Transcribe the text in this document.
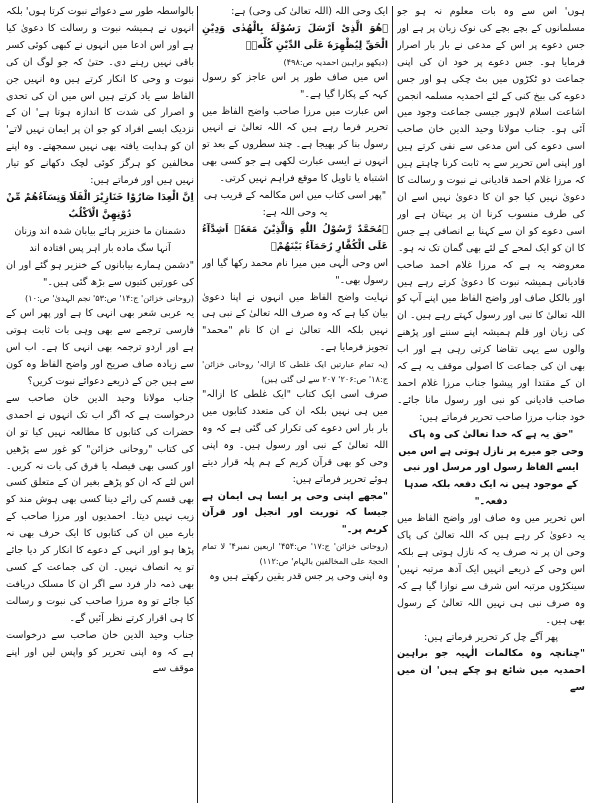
ہوں' اس سے وہ بات معلوم نہ ہو جو مسلمانوں کے بچے بچے کی نوک زبان پر ہے اور جس دعوے پر اس کے مدعی نے بار بار اصرار فرمایا ہو۔ جس دعوے پر خود ان کی اپنی جماعت دو ٹکڑوں میں بٹ چکی ہو اور جس دعوے کی بیخ کنی کے لئے احمدیہ مسلمہ انجمن اشاعت اسلام لاہور جیسی جماعت وجود میں آئی ہو۔ جناب مولانا وحید الدین خان صاحب اسی دعوے کی اس مدعی سے نفی کرتے ہیں اور اپنی اس تحریر سے یہ ثابت کرنا چاہتے ہیں کہ مرزا غلام احمد قادیانی نے نبوت و رسالت کا دعویٰ نہیں کیا جو ان کا دعویٰ نہیں اسے ان کی طرف منسوب کرنا ان پر بہتان ہے اور اسی دعوے کو ان سے کہنا بے انصافی ہے جس کا ان کو ایک لمحے کے لئے بھی گمان تک نہ ہو۔

معروضہ یہ ہے کہ مرزا غلام احمد صاحب قادیانی ہمیشہ نبوت کا دعویٰ کرتے رہے ہیں اور بالکل صاف اور واضح الفاظ میں اپنے آپ کو اللہ تعالیٰ کا نبی اور رسول کہتے رہے ہیں۔ ان کی زبان اور قلم ہمیشہ اپنے سننے اور پڑھنے والوں سے یہی تقاضا کرتی رہی ہے اور اب بھی ان کی جماعت کا اصولی موقف یہ ہے کہ ان کے مقتدا اور پیشوا جناب مرزا غلام احمد صاحب قادیانی کو نبی اور رسول مانا جائے۔ خود جناب مرزا صاحب تحریر فرماتے ہیں:

"حق یہ ہے کہ خدا تعالیٰ کی وہ پاک وحی جو میرے پر نازل ہوتی ہے اس میں ایسے الفاظ رسول اور مرسل اور نبی کے موجود ہیں نہ ایک دفعہ بلکہ صدہا دفعہ۔"

اس تحریر میں وہ صاف اور واضح الفاظ میں یہ دعویٰ کر رہے ہیں کہ اللہ تعالیٰ کی پاک وحی ان پر نہ صرف یہ کہ نازل ہوتی ہے بلکہ اس وحی کے ذریعے انہیں ایک آدھ مرتبہ نہیں' سینکڑوں مرتبہ اس شرف سے نوازا گیا ہے کہ وہ صرف نبی ہی نہیں اللہ تعالیٰ کے رسول بھی ہیں۔

پھر آگے چل کر تحریر فرماتے ہیں:

"چنانچہ وہ مکالمات الٰہیہ جو براہین احمدیہ میں شائع ہو چکے ہیں' ان میں سے

ایک وحی اللہ (اللہ تعالیٰ کی وحی) ہے:

﴿هُوَ الَّذِیْ اَرْسَلَ رَسُوْلَهٗ بِالْهُدٰى وَدِیْنِ الْحَقِّ لِیُظْهِرَهٗ عَلَى الدِّیْنِ كُلِّهٖ﴾

(دیکھو براہین احمدیہ ص:۴۹۸)

اس میں صاف طور پر اس عاجز کو رسول کہہ کے پکارا گیا ہے۔"

اس عبارت میں مرزا صاحب واضح الفاظ میں تحریر فرما رہے ہیں کہ اللہ تعالیٰ نے انہیں رسول بنا کر بھیجا ہے۔ چند سطروں کے بعد تو انہوں نے ایسی عبارت لکھی ہے جو کسی بھی اشتباہ یا تاویل کا موقع فراہم نہیں کرتی۔

"پھر اسی کتاب میں اس مکالمہ کے قریب ہی یہ وحی اللہ ہے:

﴿مُحَمَّدٌ رَّسُوْلُ اللّٰهِ وَالَّذِیْنَ مَعَهٗۤ اَشِدَّآءُ عَلَى الْكُفَّارِ رُحَمَآءُ بَیْنَهُمْ﴾

اس وحی الٰہی میں میرا نام محمد رکھا گیا اور رسول بھی۔"

نہایت واضح الفاظ میں انہوں نے اپنا دعویٰ بیان کیا ہے کہ وہ صرف اللہ تعالیٰ کے نبی ہی نہیں بلکہ اللہ تعالیٰ نے ان کا نام "محمد" تجویز فرمایا ہے۔

(یہ تمام عبارتیں ایک غلطی کا ازالہ' روحانی خزائن' ج:۱۸' ص:۲۰۶' ۲۰۷ سے لی گئی ہیں)

صرف اسی ایک کتاب "ایک غلطی کا ازالہ" میں ہی نہیں بلکہ ان کی متعدد کتابوں میں بار بار اس دعوے کی تکرار کی گئی ہے کہ وہ اللہ تعالیٰ کے نبی اور رسول ہیں۔ وہ اپنی وحی کو بھی قرآن کریم کے ہم پلہ قرار دیتے ہوئے تحریر فرماتے ہیں:

"مجھے اپنی وحی پر ایسا ہی ایمان ہے جیسا کہ توریت اور انجیل اور قرآن کریم پر۔"

(روحانی خزائن' ج:۱۷' ص:۴۵۴' اربعین نمبر۴' لا تمام الحجۃ علی المخالفین بالہام' ص:۱۱۲)

وہ اپنی وحی پر جس قدر یقین رکھتے ہیں وہ

بالواسطہ طور سے دعوائے نبوت کرتا ہوں' بلکہ انہوں نے ہمیشہ نبوت و رسالت کا دعویٰ کیا ہے اور اس ادعا میں انہوں نے کبھی کوئی کسر باقی نہیں رہنے دی۔ حتیٰ کہ جو لوگ ان کی نبوت و وحی کا انکار کرتے ہیں وہ انہیں جن الفاظ سے یاد کرتے ہیں اس میں ان کی تحدی و اصرار کی شدت کا اندازہ ہوتا ہے' ان کے نزدیک ایسے افراد کو جو ان پر ایمان نہیں لاتے' ان کو ہدایت یافتہ بھی نہیں سمجھتے۔ وہ اپنے مخالفین کو ہرگز کوئی لچک دکھانے کو تیار نہیں ہیں اور فرماتے ہیں:

اِنَّ الْعِدَا صَارُوْا خَنَازِیْرَ الْفَلَا وَنِسَآءُهُمْ مِّنْ دُوْنِهِنَّ الْاَكْلُبُ

دشمنان ما خنزیر ہائے بیابان شدہ اند وزنان آنہا سگ ماده بار اہر پس افتادہ اند

"دشمن ہمارے بیابانوں کے خنزیر ہو گئے اور ان کی عورتیں کتیوں سے بڑھ گئی ہیں۔"

(روحانی خزائن' ج:۱۴' ص:۵۳' نجم الہدیٰ' ص:۱۰)

یہ عربی شعر بھی انہی کا ہے اور پھر اس کے فارسی ترجمے سے بھی وہی بات ثابت ہوتی ہے اور اردو ترجمہ بھی انہی کا ہے۔ اب اس سے زیادہ صاف صریح اور واضح الفاظ وہ کون سے ہیں جن کے ذریعے دعوائے نبوت کریں؟

جناب مولانا وحید الدین خان صاحب سے درخواست ہے کہ اگر اب تک انہوں نے احمدی حضرات کی کتابوں کا مطالعہ نہیں کیا تو ان کی کتاب "روحانی خزائن" کو غور سے پڑھیں اور کسی بھی فیصلہ یا فرق کی بات نہ کریں۔ اس لئے کہ ان کو پڑھے بغیر ان کے متعلق کسی بھی قسم کی رائے دینا کسی بھی ہوش مند کو زیب نہیں دیتا۔ احمدیوں اور مرزا صاحب کے بارے میں ان کی کتابوں کا ایک حرف بھی نہ پڑھا ہو اور انہی کے دعوے کا انکار کر دیا جائے تو یہ انصاف نہیں۔ ان کی جماعت کے کسی بھی ذمہ دار فرد سے اگر ان کا مسلک دریافت کیا جائے تو وہ مرزا صاحب کی نبوت و رسالت کا ہی اقرار کرتے نظر آئیں گے۔

جناب وحید الدین خان صاحب سے درخواست ہے کہ وہ اپنی تحریر کو واپس لیں اور اپنے موقف سے
